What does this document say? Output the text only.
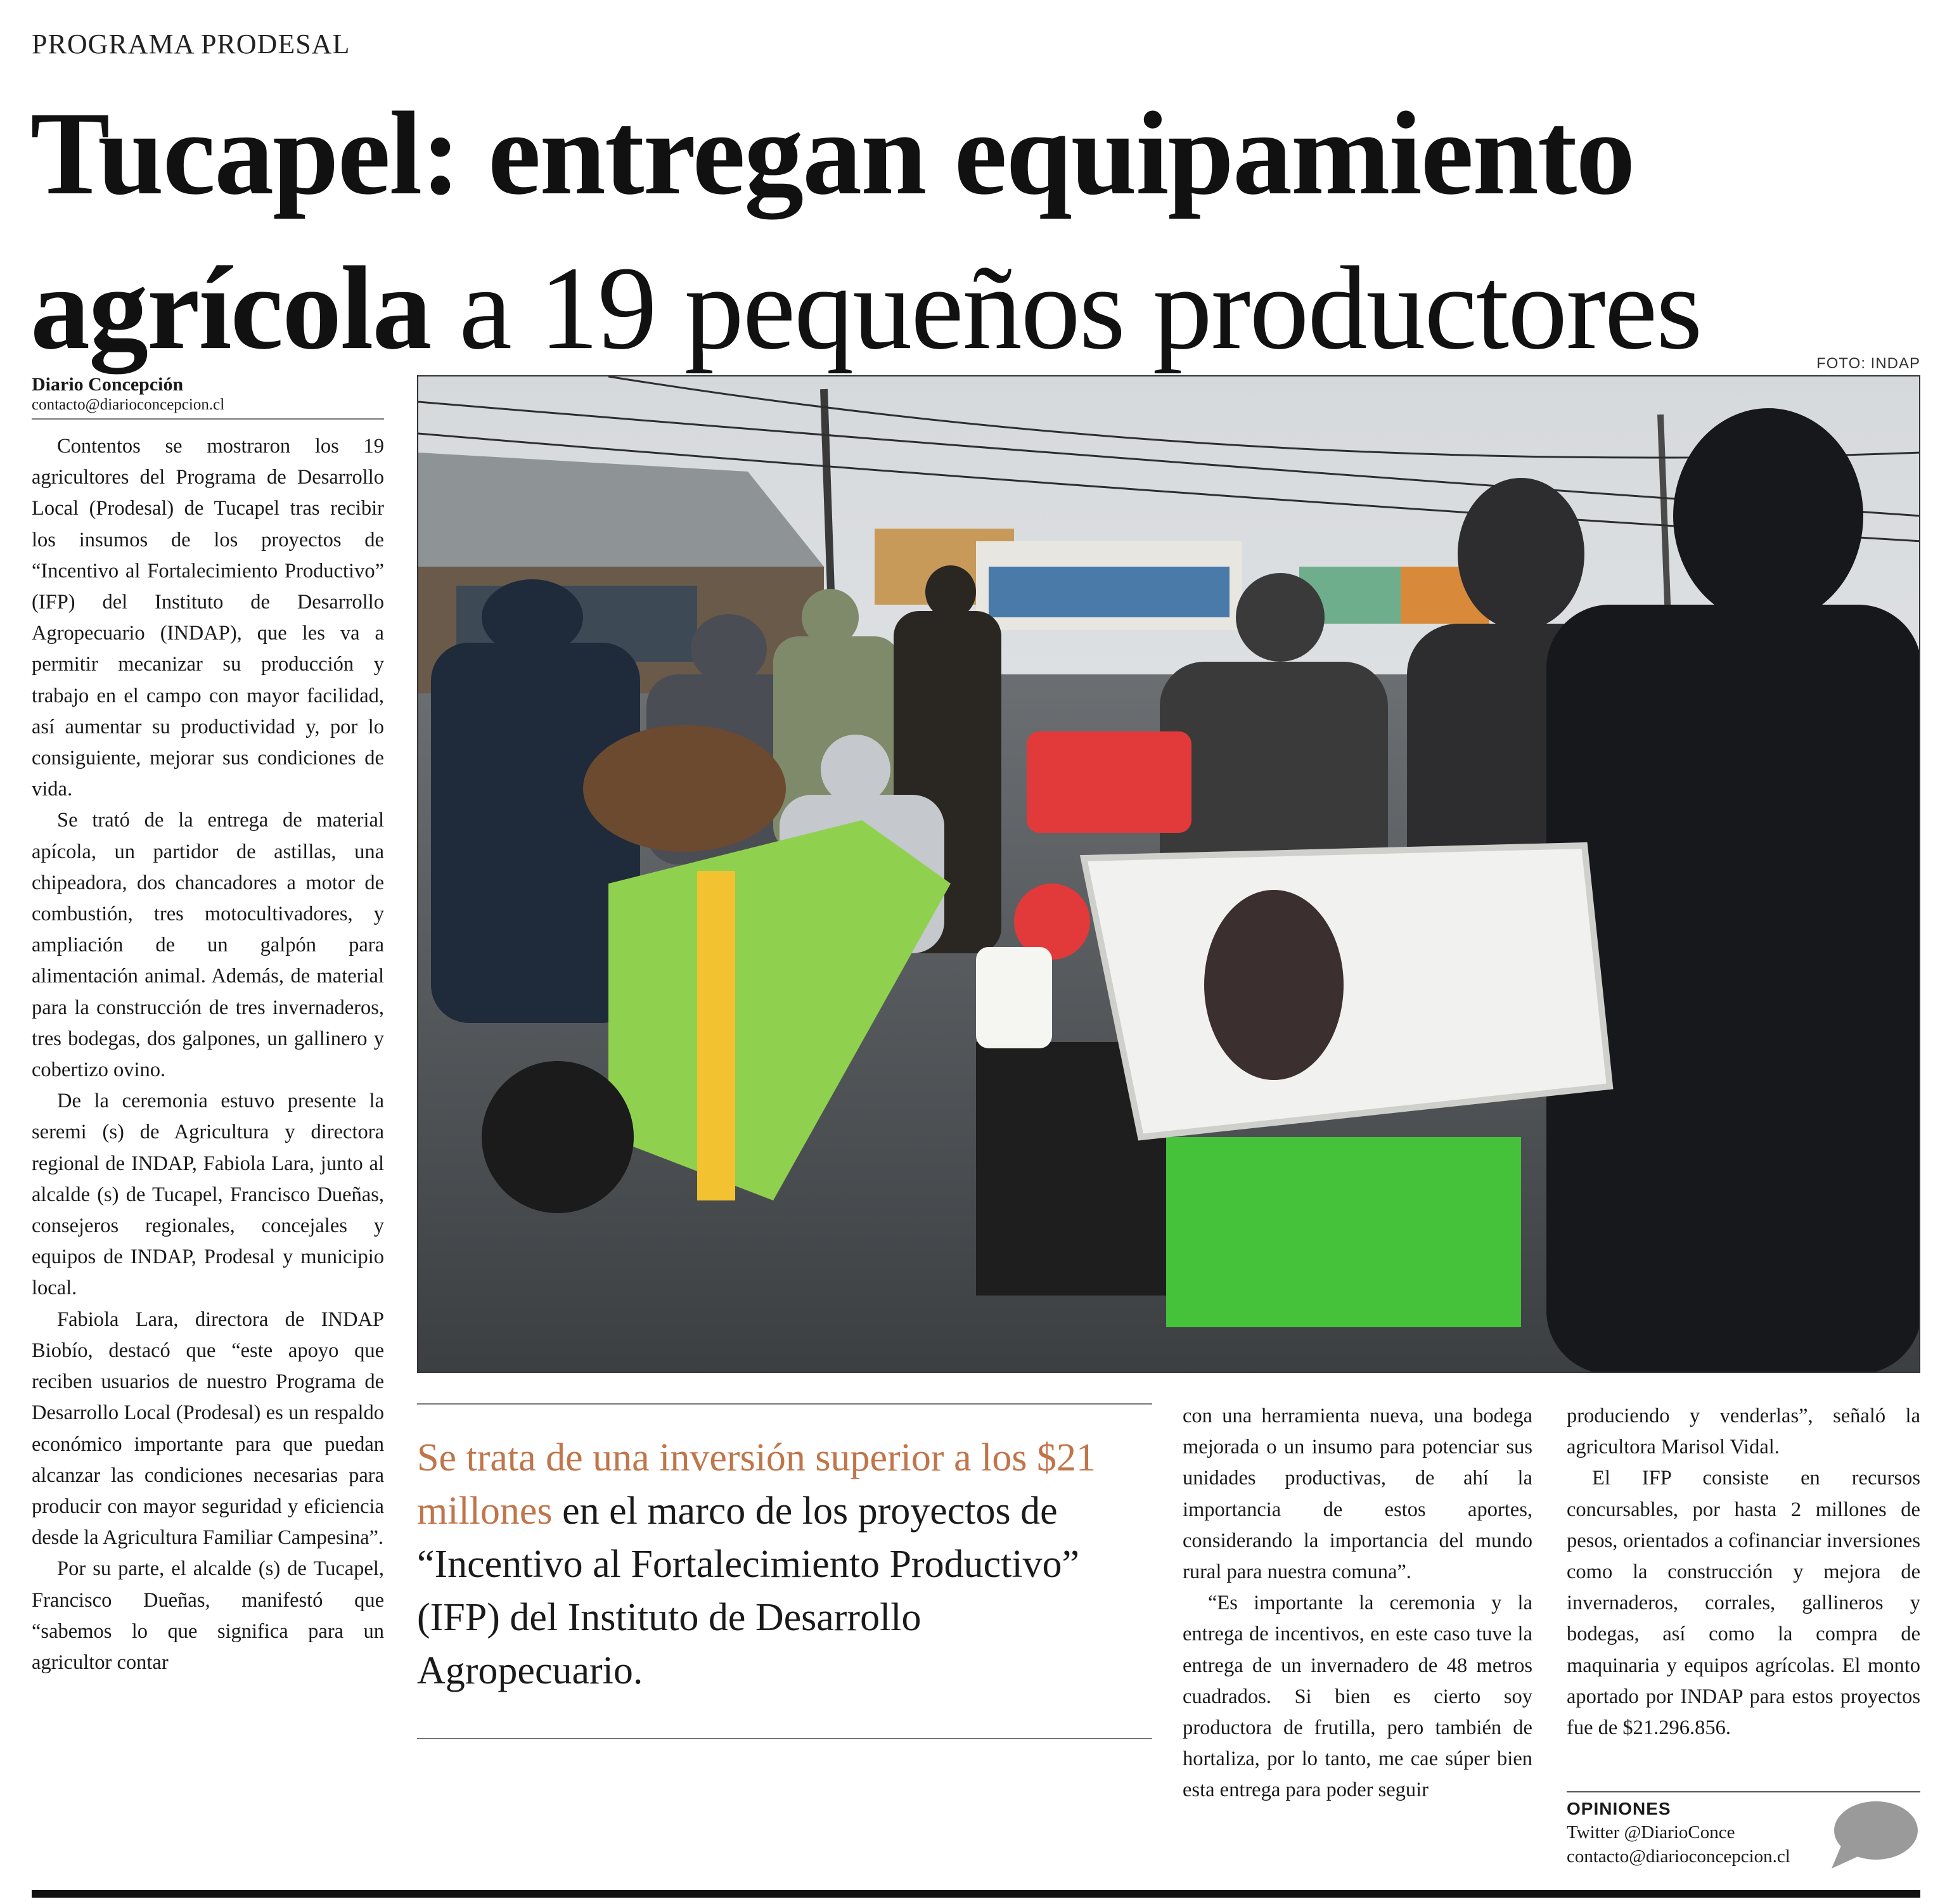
PROGRAMA PRODESAL
Tucapel: entregan equipamiento agrícola a 19 pequeños productores
Diario Concepción
contacto@diarioconcepcion.cl
FOTO: INDAP

Contentos se mostraron los 19 agricultores del Programa de Desarrollo Local (Prodesal) de Tucapel tras recibir los insumos de los proyectos de “Incentivo al Fortalecimiento Productivo” (IFP) del Instituto de Desarrollo Agropecuario (INDAP), que les va a permitir mecanizar su producción y trabajo en el campo con mayor facilidad, así aumentar su productividad y, por lo consiguiente, mejorar sus condiciones de vida.

Se trató de la entrega de material apícola, un partidor de astillas, una chipeadora, dos chancadores a motor de combustión, tres motocultivadores, y ampliación de un galpón para alimentación animal. Además, de material para la construcción de tres invernaderos, tres bodegas, dos galpones, un gallinero y cobertizo ovino.

De la ceremonia estuvo presente la seremi (s) de Agricultura y directora regional de INDAP, Fabiola Lara, junto al alcalde (s) de Tucapel, Francisco Dueñas, consejeros regionales, concejales y equipos de INDAP, Prodesal y municipio local.

Fabiola Lara, directora de INDAP Biobío, destacó que “este apoyo que reciben usuarios de nuestro Programa de Desarrollo Local (Prodesal) es un respaldo económico importante para que puedan alcanzar las condiciones necesarias para producir con mayor seguridad y eficiencia desde la Agricultura Familiar Campesina”.

Por su parte, el alcalde (s) de Tucapel, Francisco Dueñas, manifestó que “sabemos lo que significa para un agricultor contar

Se trata de una inversión superior a los $21 millones en el marco de los proyectos de “Incentivo al Fortalecimiento Productivo” (IFP) del Instituto de Desarrollo Agropecuario.

con una herramienta nueva, una bodega mejorada o un insumo para potenciar sus unidades productivas, de ahí la importancia de estos aportes, considerando la importancia del mundo rural para nuestra comuna”.

“Es importante la ceremonia y la entrega de incentivos, en este caso tuve la entrega de un invernadero de 48 metros cuadrados. Si bien es cierto soy productora de frutilla, pero también de hortaliza, por lo tanto, me cae súper bien esta entrega para poder seguir

produciendo y venderlas”, señaló la agricultora Marisol Vidal.

El IFP consiste en recursos concursables, por hasta 2 millones de pesos, orientados a cofinanciar inversiones como la construcción y mejora de invernaderos, corrales, gallineros y bodegas, así como la compra de maquinaria y equipos agrícolas. El monto aportado por INDAP para estos proyectos fue de $21.296.856.

OPINIONES
Twitter @DiarioConce
contacto@diarioconcepcion.cl
